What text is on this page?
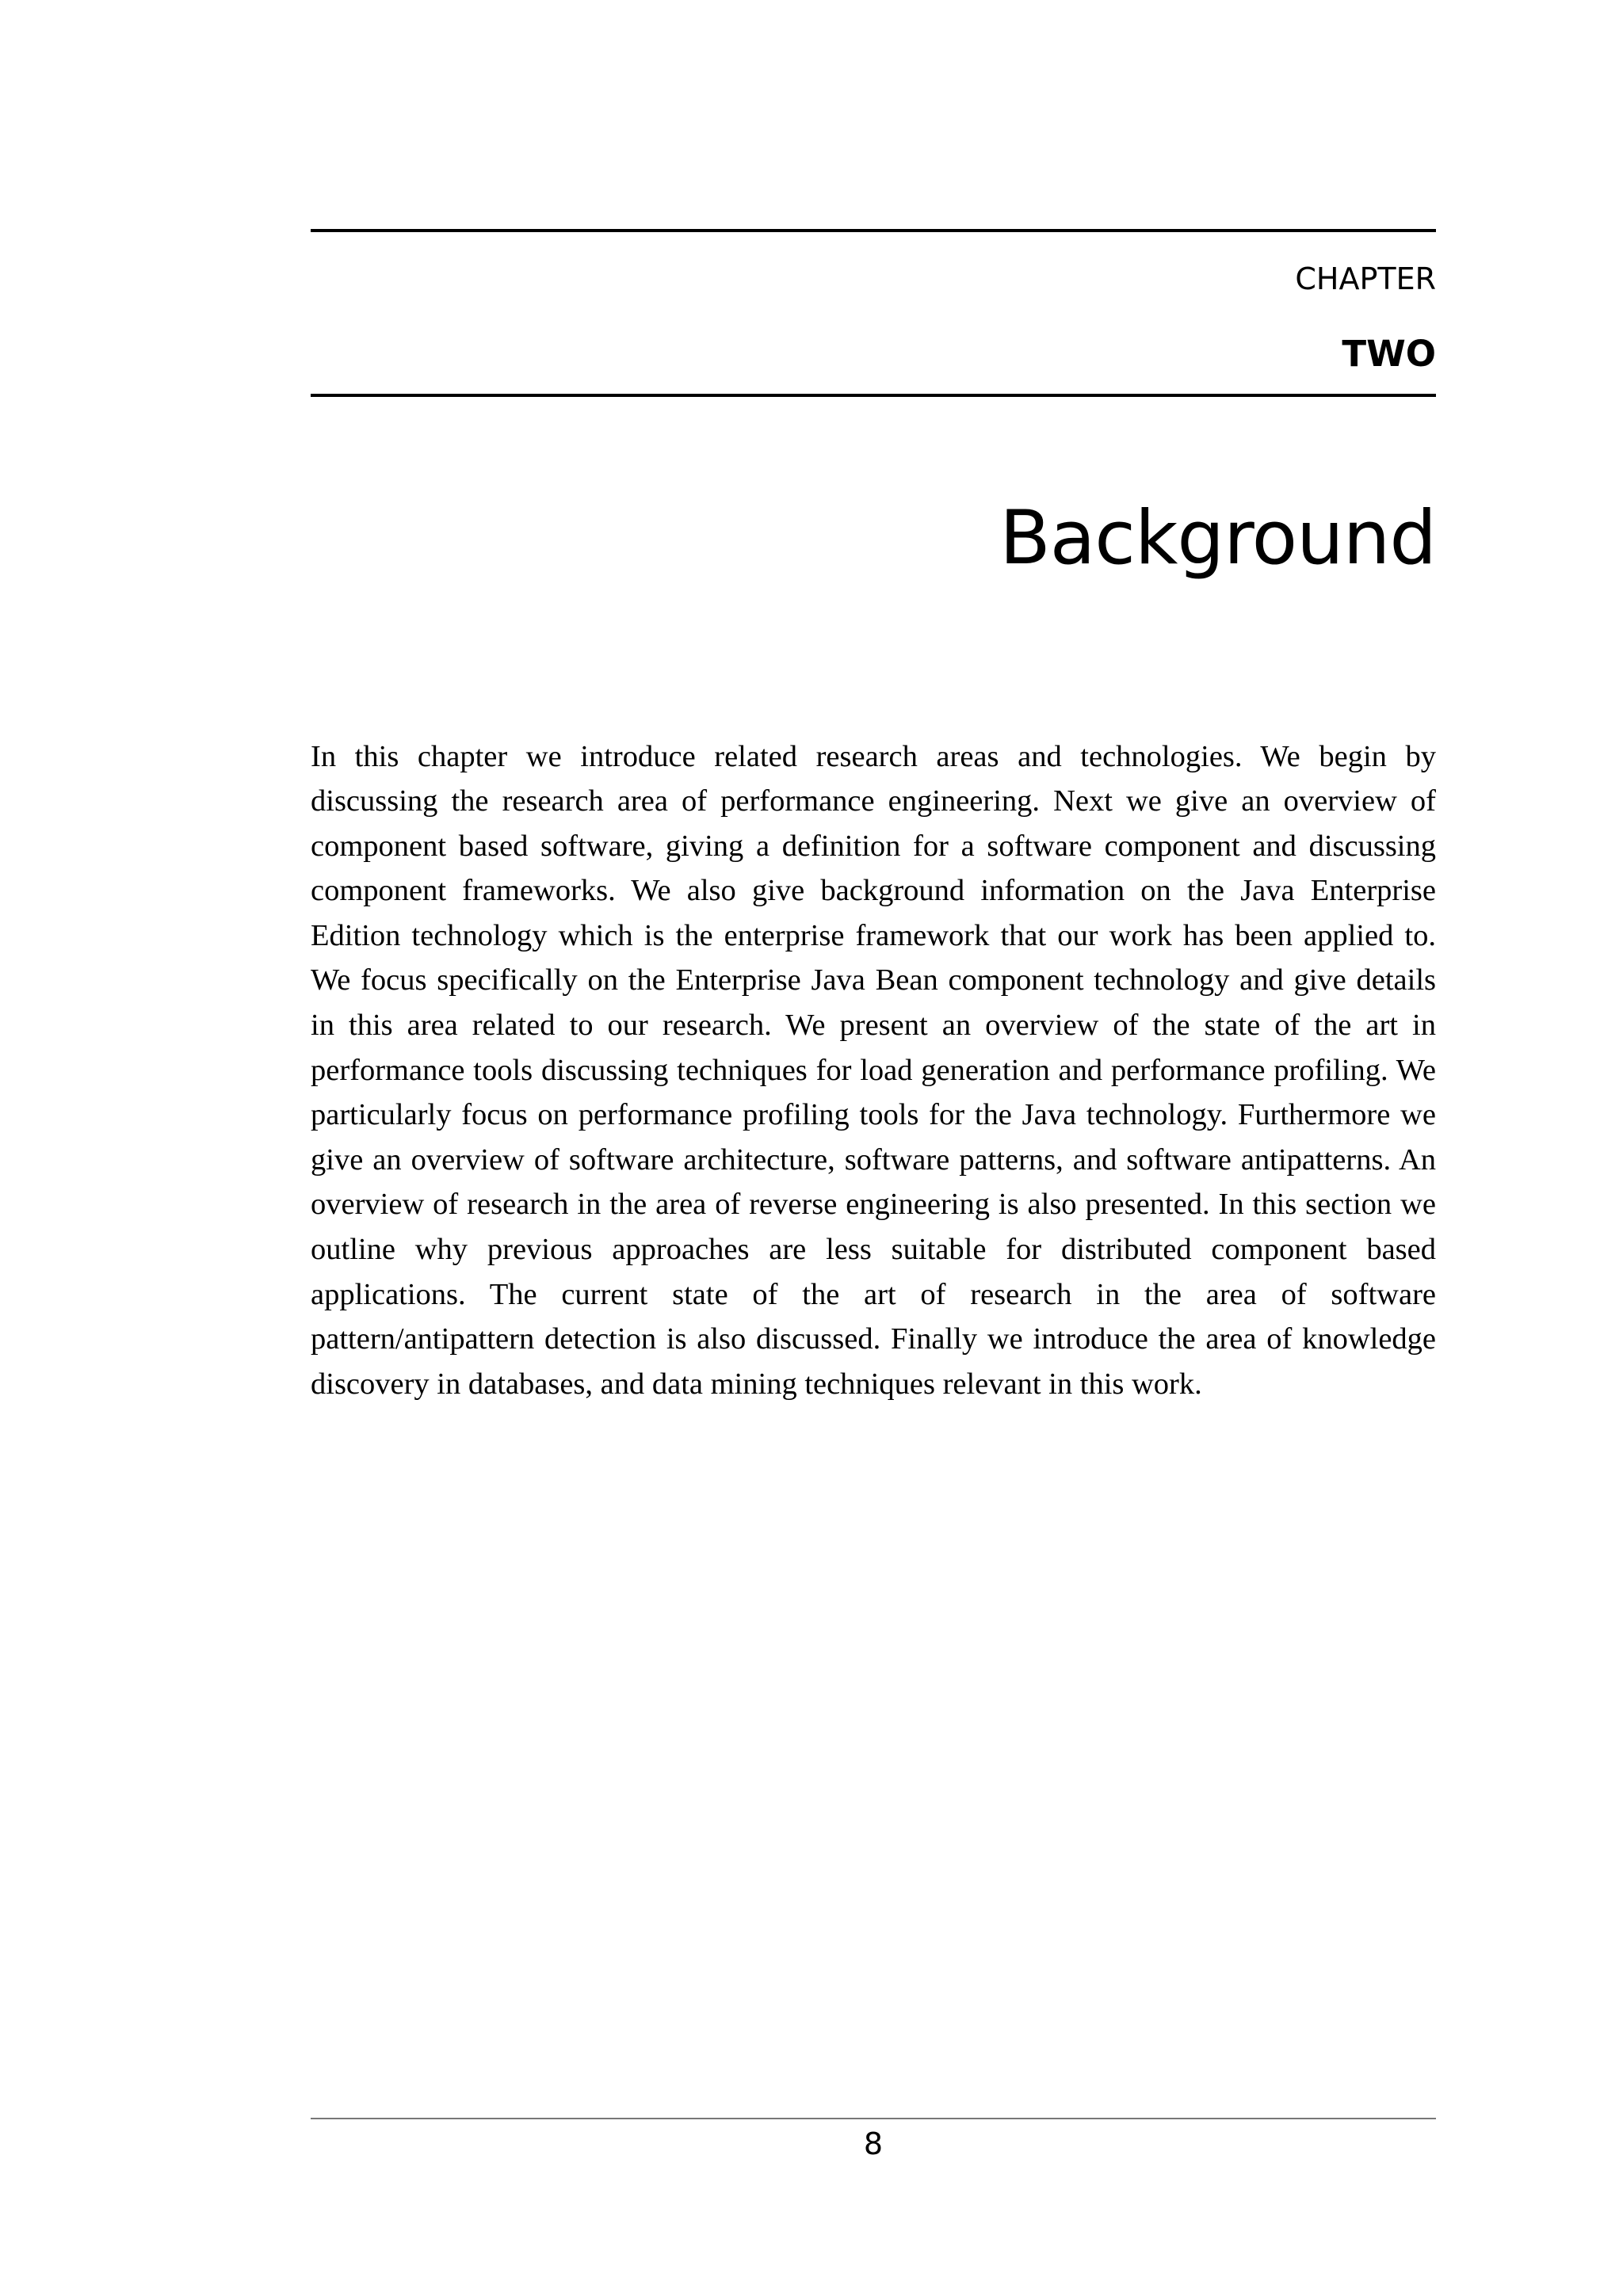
CHAPTER
TWO
Background

In this chapter we introduce related research areas and technologies. We begin by discussing the research area of performance engineering. Next we give an overview of component based software, giving a definition for a software component and discussing component frameworks. We also give background information on the Java Enterprise Edition technology which is the enterprise framework that our work has been applied to. We focus specifically on the Enterprise Java Bean component technology and give details in this area related to our research. We present an overview of the state of the art in performance tools discussing techniques for load generation and performance profiling. We particularly focus on performance profiling tools for the Java technology. Furthermore we give an overview of software architecture, software patterns, and software antipatterns. An overview of research in the area of reverse engineering is also presented. In this section we outline why previous approaches are less suitable for distributed component based applications. The current state of the art of research in the area of software pattern/antipattern detection is also discussed. Finally we introduce the area of knowledge discovery in databases, and data mining techniques relevant in this work.

8
